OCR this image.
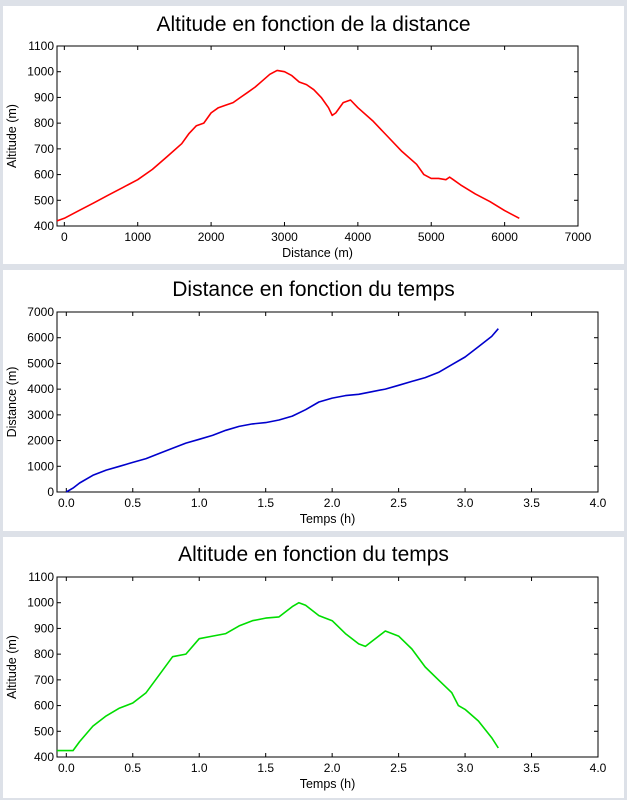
Altitude en fonction de la distance
Distance en fonction du temps
Altitude en fonction du temps
0	1000	2000	3000	4000	5000	6000	7000
400
500
600
700
800
900
1000
1100
Distance (m)
Altitude (m)
0.0	0.5	1.0	1.5	2.0	2.5	3.0	3.5	4.0
0
1000
2000
3000
4000
5000
6000
7000
Temps (h)
Distance (m)
0.0	0.5	1.0	1.5	2.0	2.5	3.0	3.5	4.0
400
500
600
700
800
900
1000
1100
Temps (h)
Altitude (m)
